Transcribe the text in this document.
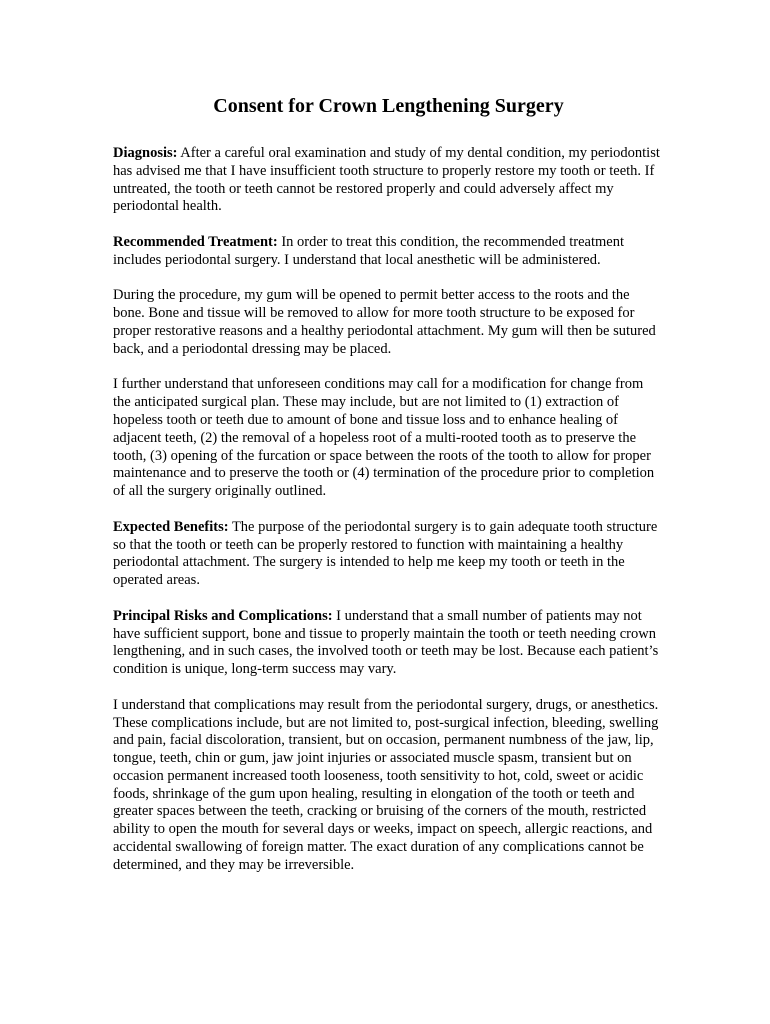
Consent for Crown Lengthening Surgery

Diagnosis: After a careful oral examination and study of my dental condition, my periodontist has advised me that I have insufficient tooth structure to properly restore my tooth or teeth. If untreated, the tooth or teeth cannot be restored properly and could adversely affect my periodontal health.

Recommended Treatment: In order to treat this condition, the recommended treatment includes periodontal surgery. I understand that local anesthetic will be administered.

During the procedure, my gum will be opened to permit better access to the roots and the bone. Bone and tissue will be removed to allow for more tooth structure to be exposed for proper restorative reasons and a healthy periodontal attachment. My gum will then be sutured back, and a periodontal dressing may be placed.

I further understand that unforeseen conditions may call for a modification for change from the anticipated surgical plan. These may include, but are not limited to (1) extraction of hopeless tooth or teeth due to amount of bone and tissue loss and to enhance healing of adjacent teeth, (2) the removal of a hopeless root of a multi-rooted tooth as to preserve the tooth, (3) opening of the furcation or space between the roots of the tooth to allow for proper maintenance and to preserve the tooth or (4) termination of the procedure prior to completion of all the surgery originally outlined.

Expected Benefits: The purpose of the periodontal surgery is to gain adequate tooth structure so that the tooth or teeth can be properly restored to function with maintaining a healthy periodontal attachment. The surgery is intended to help me keep my tooth or teeth in the operated areas.

Principal Risks and Complications: I understand that a small number of patients may not have sufficient support, bone and tissue to properly maintain the tooth or teeth needing crown lengthening, and in such cases, the involved tooth or teeth may be lost. Because each patient’s condition is unique, long-term success may vary.

I understand that complications may result from the periodontal surgery, drugs, or anesthetics. These complications include, but are not limited to, post-surgical infection, bleeding, swelling and pain, facial discoloration, transient, but on occasion, permanent numbness of the jaw, lip, tongue, teeth, chin or gum, jaw joint injuries or associated muscle spasm, transient but on occasion permanent increased tooth looseness, tooth sensitivity to hot, cold, sweet or acidic foods, shrinkage of the gum upon healing, resulting in elongation of the tooth or teeth and greater spaces between the teeth, cracking or bruising of the corners of the mouth, restricted ability to open the mouth for several days or weeks, impact on speech, allergic reactions, and accidental swallowing of foreign matter. The exact duration of any complications cannot be determined, and they may be irreversible.
